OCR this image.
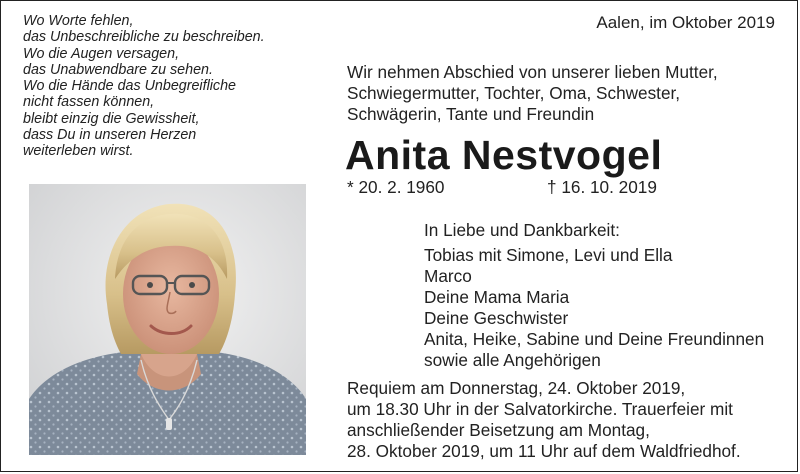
Wo Worte fehlen,
das Unbeschreibliche zu beschreiben.
Wo die Augen versagen,
das Unabwendbare zu sehen.
Wo die Hände das Unbegreifliche
nicht fassen können,
bleibt einzig die Gewissheit,
dass Du in unseren Herzen
weiterleben wirst.
Aalen, im Oktober 2019
Wir nehmen Abschied von unserer lieben Mutter,
Schwiegermutter, Tochter, Oma, Schwester,
Schwägerin, Tante und Freundin
Anita Nestvogel
* 20. 2. 1960	† 16. 10. 2019
In Liebe und Dankbarkeit:
Tobias mit Simone, Levi und Ella
Marco
Deine Mama Maria
Deine Geschwister
Anita, Heike, Sabine und Deine Freundinnen
sowie alle Angehörigen
Requiem am Donnerstag, 24. Oktober 2019,
um 18.30 Uhr in der Salvatorkirche. Trauerfeier mit
anschließender Beisetzung am Montag,
28. Oktober 2019, um 11 Uhr auf dem Waldfriedhof.
